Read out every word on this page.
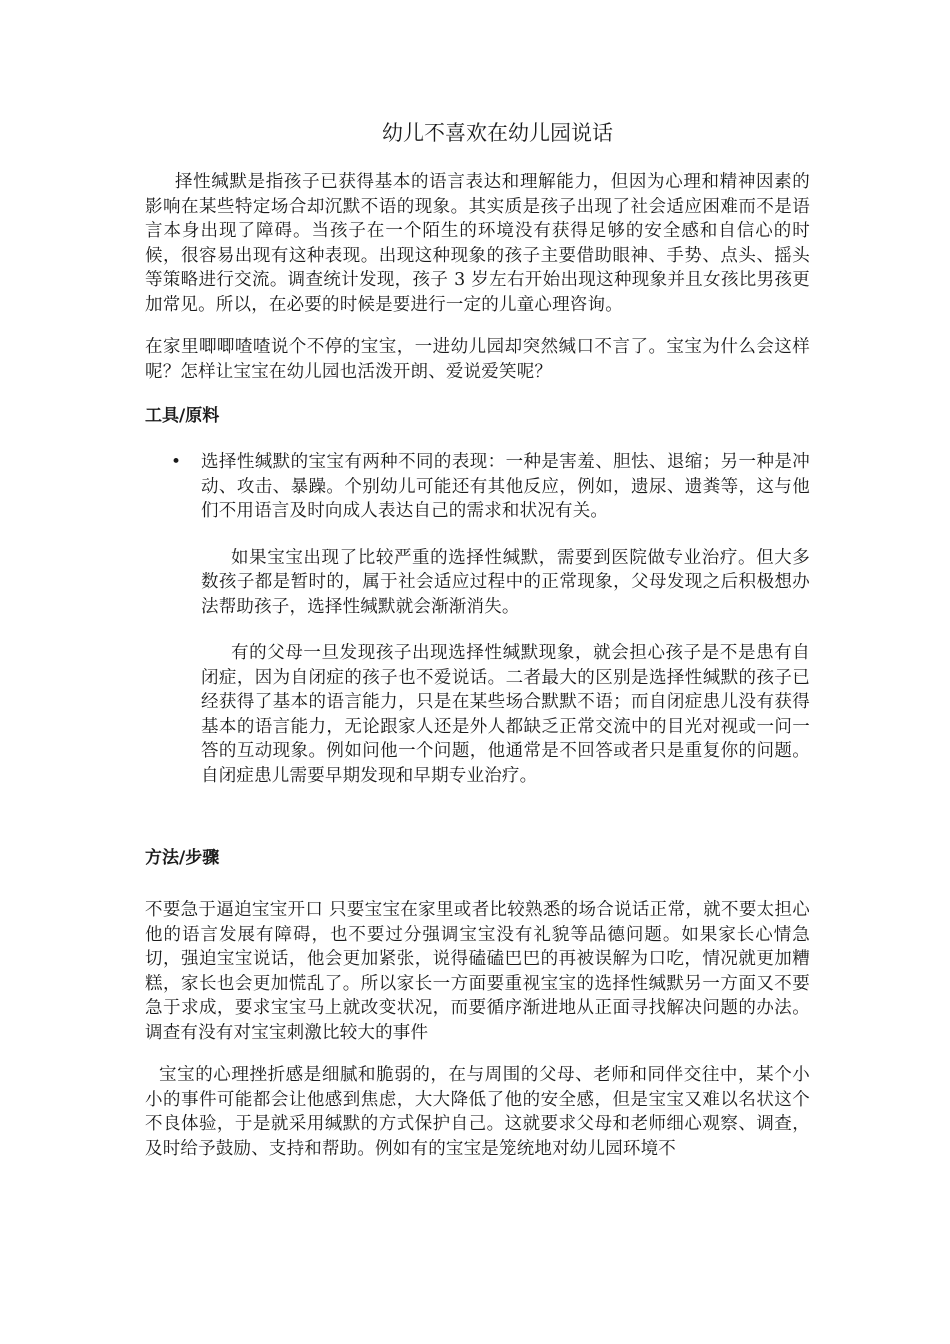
幼儿不喜欢在幼儿园说话

择性缄默是指孩子已获得基本的语言表达和理解能力，但因为心理和精神因素的影响在某些特定场合却沉默不语的现象。其实质是孩子出现了社会适应困难而不是语言本身出现了障碍。当孩子在一个陌生的环境没有获得足够的安全感和自信心的时候，很容易出现有这种表现。出现这种现象的孩子主要借助眼神、手势、点头、摇头等策略进行交流。调查统计发现，孩子 3 岁左右开始出现这种现象并且女孩比男孩更加常见。所以，在必要的时候是要进行一定的儿童心理咨询。

在家里唧唧喳喳说个不停的宝宝，一进幼儿园却突然缄口不言了。宝宝为什么会这样呢？怎样让宝宝在幼儿园也活泼开朗、爱说爱笑呢？

工具/原料
• 选择性缄默的宝宝有两种不同的表现：一种是害羞、胆怯、退缩；另一种是冲动、攻击、暴躁。个别幼儿可能还有其他反应，例如，遗尿、遗粪等，这与他们不用语言及时向成人表达自己的需求和状况有关。

如果宝宝出现了比较严重的选择性缄默，需要到医院做专业治疗。但大多数孩子都是暂时的，属于社会适应过程中的正常现象，父母发现之后积极想办法帮助孩子，选择性缄默就会渐渐消失。

有的父母一旦发现孩子出现选择性缄默现象，就会担心孩子是不是患有自闭症，因为自闭症的孩子也不爱说话。二者最大的区别是选择性缄默的孩子已经获得了基本的语言能力，只是在某些场合默默不语；而自闭症患儿没有获得基本的语言能力，无论跟家人还是外人都缺乏正常交流中的目光对视或一问一答的互动现象。例如问他一个问题，他通常是不回答或者只是重复你的问题。自闭症患儿需要早期发现和早期专业治疗。

方法/步骤

不要急于逼迫宝宝开口 只要宝宝在家里或者比较熟悉的场合说话正常，就不要太担心他的语言发展有障碍，也不要过分强调宝宝没有礼貌等品德问题。如果家长心情急切，强迫宝宝说话，他会更加紧张，说得磕磕巴巴的再被误解为口吃，情况就更加糟糕，家长也会更加慌乱了。所以家长一方面要重视宝宝的选择性缄默另一方面又不要急于求成，要求宝宝马上就改变状况，而要循序渐进地从正面寻找解决问题的办法。 调查有没有对宝宝刺激比较大的事件

宝宝的心理挫折感是细腻和脆弱的，在与周围的父母、老师和同伴交往中，某个小小的事件可能都会让他感到焦虑，大大降低了他的安全感，但是宝宝又难以名状这个不良体验，于是就采用缄默的方式保护自己。这就要求父母和老师细心观察、调查，及时给予鼓励、支持和帮助。例如有的宝宝是笼统地对幼儿园环境不
